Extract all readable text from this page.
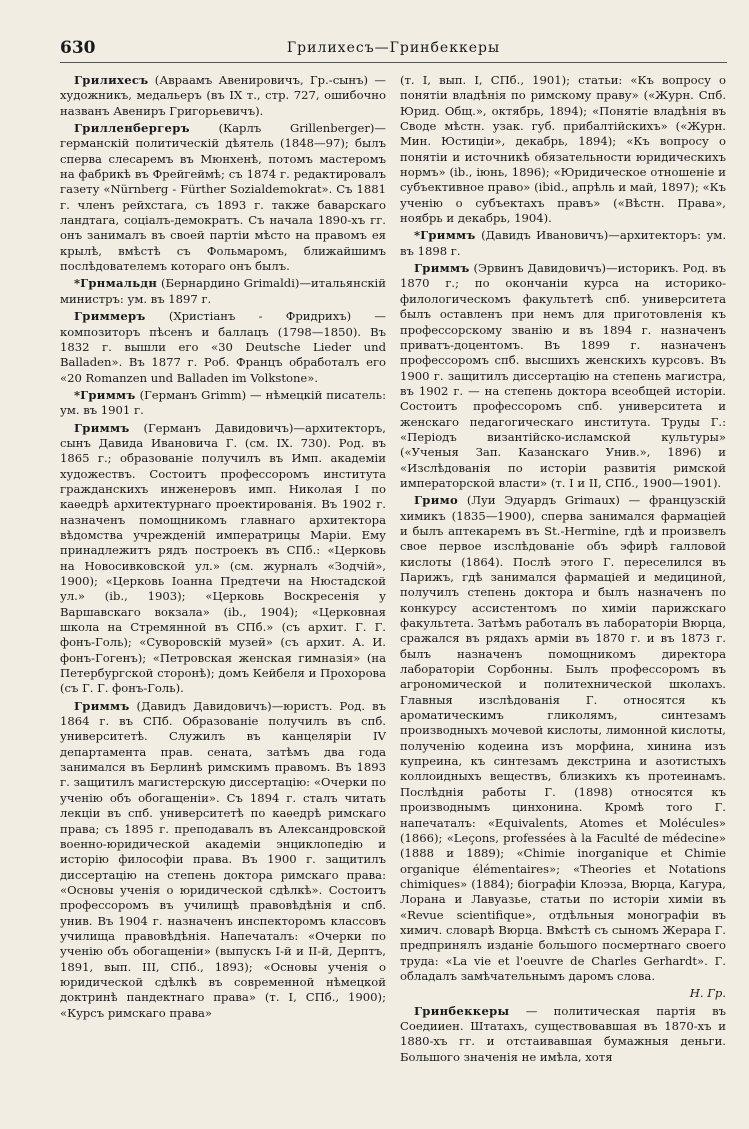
630	Грилихесъ—Гринбеккеры

Грилихесъ (Авраамъ Авенировичъ, Гр.-сынъ) — художникъ, медальеръ (въ IX т., стр. 727, ошибочно названъ Авениръ Григорьевичъ).

Грилленбергеръ (Карлъ Grillenberger)—германскій политическій дѣятель (1848—97); былъ сперва слесаремъ въ Мюнхенѣ, потомъ мастеромъ на фабрикѣ въ Фрейгеймѣ; съ 1874 г. редактировалъ газету «Nürnberg - Fürther Sozialdemokrat». Съ 1881 г. членъ рейхстага, съ 1893 г. также баварскаго ландтага, соціалъ-демократъ. Съ начала 1890-хъ гг. онъ занималъ въ своей партіи мѣсто на правомъ ея крылѣ, вмѣстѣ съ Фольмаромъ, ближайшимъ послѣдователемъ котораго онъ былъ.

*Грнмальдн (Бернардино Grimaldi)—итальянскій министръ: ум. въ 1897 г.

Гриммеръ (Христіанъ - Фридрихъ) — композиторъ пѣсенъ и баллацъ (1798—1850). Въ 1832 г. вышли его «30 Deutsche Lieder und Balladen». Въ 1877 г. Роб. Францъ обработалъ его «20 Romanzen und Balladen im Volkstone».

*Гриммъ (Германъ Grimm) — нѣмецкій писатель: ум. въ 1901 г.

Гриммъ (Германъ Давидовичъ)—архитекторъ, сынъ Давида Ивановича Г. (см. IX. 730). Род. въ 1865 г.; образованіе получилъ въ Имп. академіи художествъ. Состоитъ профессоромъ института гражданскихъ инженеровъ имп. Николая I по каѳедрѣ архитектурнаго проектированія. Въ 1902 г. назначенъ помощникомъ главнаго архитектора вѣдомства учрежденій императрицы Маріи. Ему принадлежитъ рядъ построекъ въ СПб.: «Церковь на Новосивковской ул.» (см. журналъ «Зодчій», 1900); «Церковь Іоанна Предтечи на Нюстадской ул.» (ib., 1903); «Церковь Воскресенія у Варшавскаго вокзала» (ib., 1904); «Церковная школа на Стремянной въ СПб.» (съ архит. Г. Г. фонъ-Голь); «Суворовскій музей» (съ архит. А. И. фонъ-Гогенъ); «Петровская женская гимназія» (на Петербургской сторонѣ); домъ Кейбеля и Прохорова (съ Г. Г. фонъ-Голь).

Гриммъ (Давидъ Давидовичъ)—юристъ. Род. въ 1864 г. въ СПб. Образованіе получилъ въ спб. университетѣ. Служилъ въ канцеляріи IV департамента прав. сената, затѣмъ два года занимался въ Берлинѣ римскимъ правомъ. Въ 1893 г. защитилъ магистерскую диссертацію: «Очерки по ученію объ обогащеніи». Съ 1894 г. сталъ читать лекціи въ спб. университетѣ по каѳедрѣ римскаго права; съ 1895 г. преподавалъ въ Александровской военно-юридической академіи энциклопедію и исторію философіи права. Въ 1900 г. защитилъ диссертацію на степень доктора римскаго права: «Основы ученія о юридической сдѣлкѣ». Состоитъ профессоромъ въ училищѣ правовѣдѣнія и спб. унив. Въ 1904 г. назначенъ инспекторомъ классовъ училища правовѣдѣнія. Напечаталъ: «Очерки по ученію объ обогащеніи» (выпускъ I-й и II-й, Дерптъ, 1891, вып. III, СПб., 1893); «Основы ученія о юридической сдѣлкѣ въ современной нѣмецкой доктринѣ пандектнаго права» (т. I, СПб., 1900); «Курсъ римскаго права»

(т. I, вып. I, СПб., 1901); статьи: «Къ вопросу о понятіи владѣнія по римскому праву» («Журн. Спб. Юрид. Общ.», октябрь, 1894); «Понятіе владѣнія въ Своде мѣстн. узак. губ. прибалтійскихъ» («Журн. Мин. Юстиціи», декабрь, 1894); «Къ вопросу о понятіи и источникѣ обязательности юридическихъ нормъ» (ib., іюнь, 1896); «Юридическое отношеніе и субъективное право» (ibid., апрѣль и май, 1897); «Къ ученію о субъектахъ правъ» («Вѣстн. Права», ноябрь и декабрь, 1904).

*Гриммъ (Давидъ Ивановичъ)—архитекторъ: ум. въ 1898 г.

Гриммъ (Эрвинъ Давидовичъ)—историкъ. Род. въ 1870 г.; по окончаніи курса на историко-филологическомъ факультетѣ спб. университета былъ оставленъ при немъ для приготовленія къ профессорскому званію и въ 1894 г. назначенъ приватъ-доцентомъ. Въ 1899 г. назначенъ профессоромъ спб. высшихъ женскихъ курсовъ. Въ 1900 г. защитилъ диссертацію на степень магистра, въ 1902 г. — на степень доктора всеобщей исторіи. Состоитъ профессоромъ спб. университета и женскаго педагогическаго института. Труды Г.: «Періодъ византійско-исламской культуры» («Ученыя Зап. Казанскаго Унив.», 1896) и «Изслѣдованія по исторіи развитія римской императорской власти» (т. I и II, СПб., 1900—1901).

Гримо (Луи Эдуардъ Grimaux) — французскій химикъ (1835—1900), сперва занимался фармаціей и былъ аптекаремъ въ St.-Hermine, гдѣ и произвелъ свое первое изслѣдованіе объ эфирѣ галловой кислоты (1864). Послѣ этого Г. переселился въ Парижъ, гдѣ занимался фармаціей и медициной, получилъ степень доктора и былъ назначенъ по конкурсу ассистентомъ по химіи парижскаго факультета. Затѣмъ работалъ въ лабораторіи Вюрца, сражался въ рядахъ арміи въ 1870 г. и въ 1873 г. былъ назначенъ помощникомъ директора лабораторіи Сорбонны. Былъ профессоромъ въ агрономической и политехнической школахъ. Главныя изслѣдованія Г. относятся къ ароматическимъ гликолямъ, синтезамъ производныхъ мочевой кислоты, лимонной кислоты, полученію кодеина изъ морфина, хинина изъ купреина, къ синтезамъ декстрина и азотистыхъ коллоидныхъ веществъ, близкихъ къ протеинамъ. Послѣднія работы Г. (1898) относятся къ производнымъ цинхонина. Кромѣ того Г. напечаталъ: «Equivalents, Atomes et Molécules» (1866); «Leçons, professées à la Faculté de médecine» (1888 и 1889); «Chimie inorganique et Chimie organique élémentaires»; «Theories et Notations chimiques» (1884); біографіи Клоэза, Вюрца, Кагура, Лорана и Лавуазье, статьи по исторіи химіи въ «Revue scientifique», отдѣльныя монографіи въ химич. словарѣ Вюрца. Вмѣстѣ съ сыномъ Жерара Г. предпринялъ изданіе большого посмертнаго своего труда: «La vie et l'oeuvre de Charles Gerhardt». Г. обладалъ замѣчательнымъ даромъ слова.

Н. Гр.

Гринбеккеры — политическая партія въ Соедииен. Штатахъ, существовавшая въ 1870-хъ и 1880-хъ гг. и отстаивавшая бумажныя деньги. Большого значенія не имѣла, хотя
